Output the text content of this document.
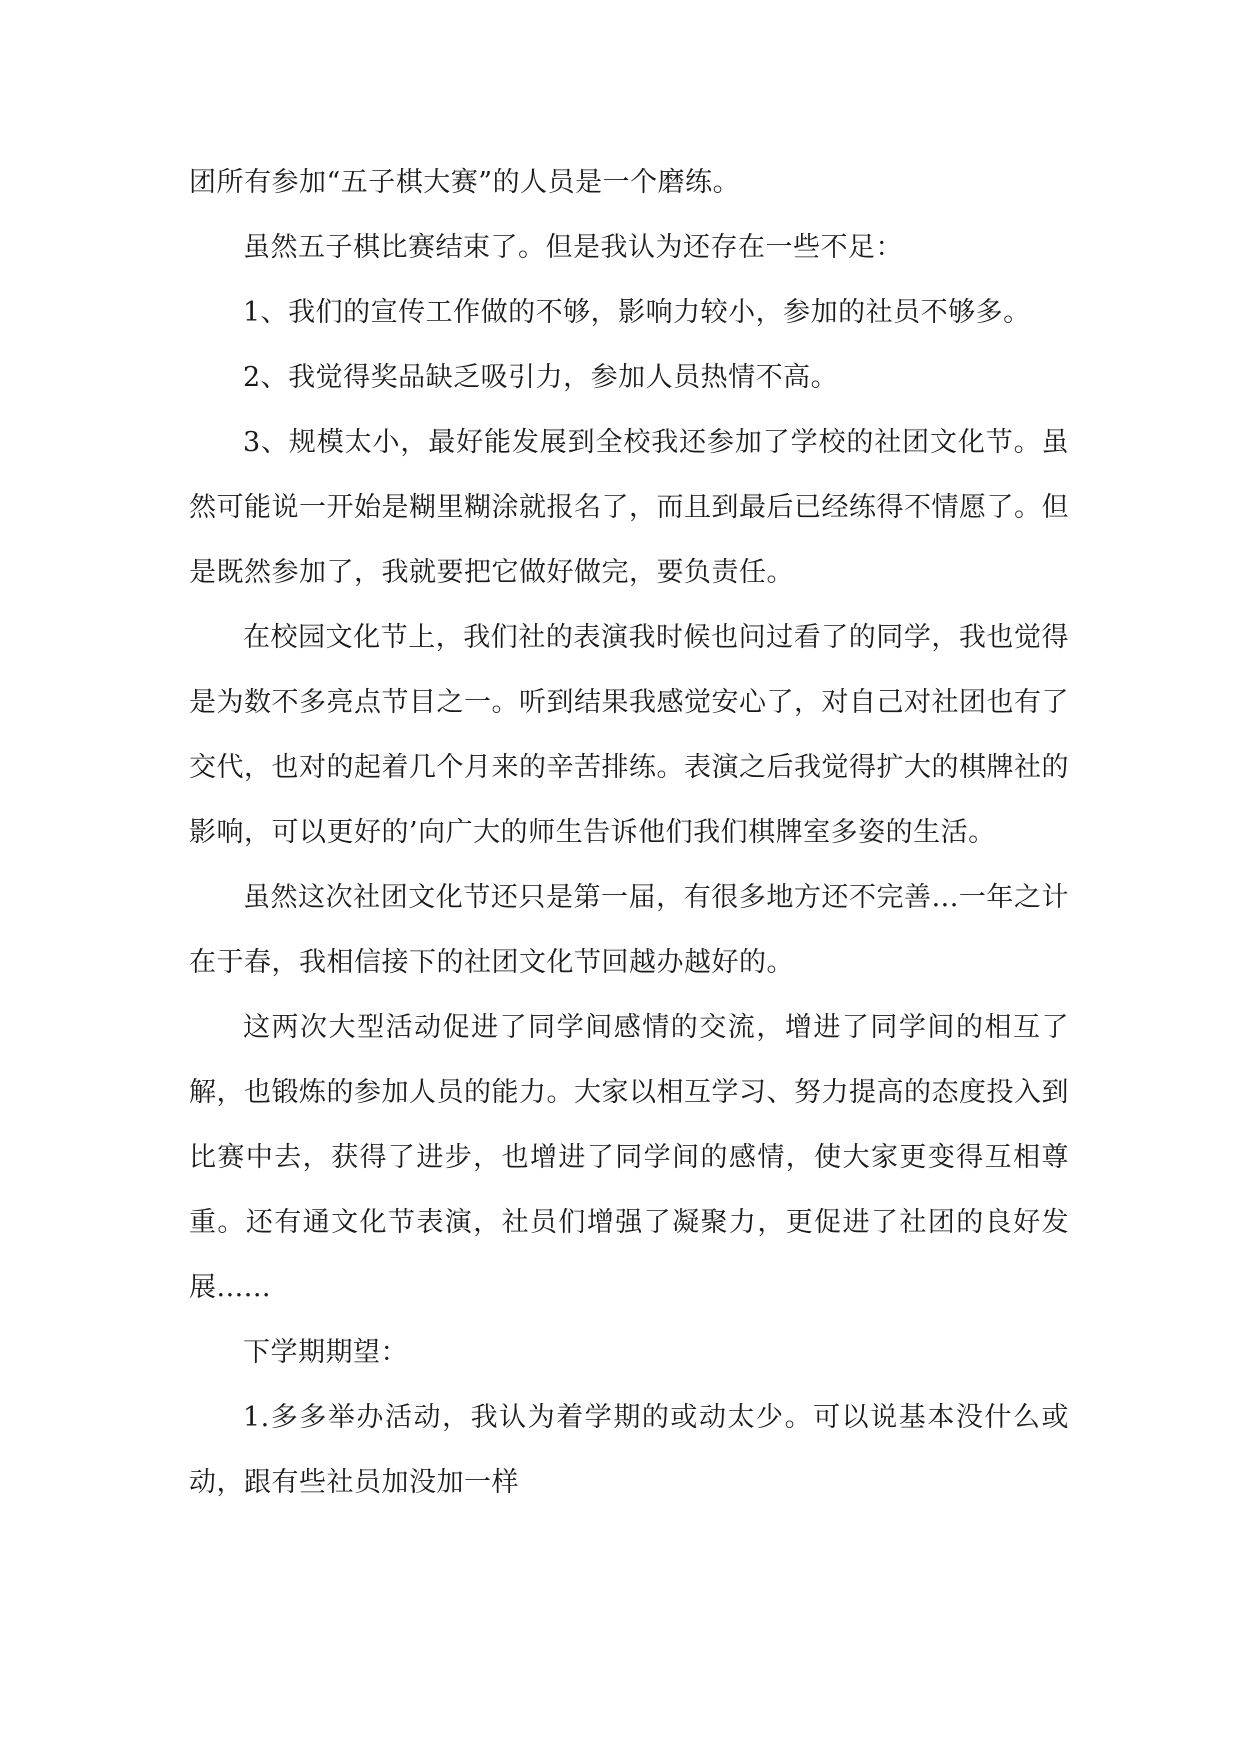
团所有参加“五子棋大赛”的人员是一个磨练。

虽然五子棋比赛结束了。但是我认为还存在一些不足：

1、我们的宣传工作做的不够，影响力较小，参加的社员不够多。

2、我觉得奖品缺乏吸引力，参加人员热情不高。

3、规模太小，最好能发展到全校我还参加了学校的社团文化节。虽然可能说一开始是糊里糊涂就报名了，而且到最后已经练得不情愿了。但是既然参加了，我就要把它做好做完，要负责任。

在校园文化节上，我们社的表演我时候也问过看了的同学，我也觉得是为数不多亮点节目之一。听到结果我感觉安心了，对自己对社团也有了交代，也对的起着几个月来的辛苦排练。表演之后我觉得扩大的棋牌社的影响，可以更好的’向广大的师生告诉他们我们棋牌室多姿的生活。

虽然这次社团文化节还只是第一届，有很多地方还不完善...一年之计在于春，我相信接下的社团文化节回越办越好的。

这两次大型活动促进了同学间感情的交流，增进了同学间的相互了解，也锻炼的参加人员的能力。大家以相互学习、努力提高的态度投入到比赛中去，获得了进步，也增进了同学间的感情，使大家更变得互相尊重。还有通文化节表演，社员们增强了凝聚力，更促进了社团的良好发展......

下学期期望：

1.多多举办活动，我认为着学期的或动太少。可以说基本没什么或动，跟有些社员加没加一样
